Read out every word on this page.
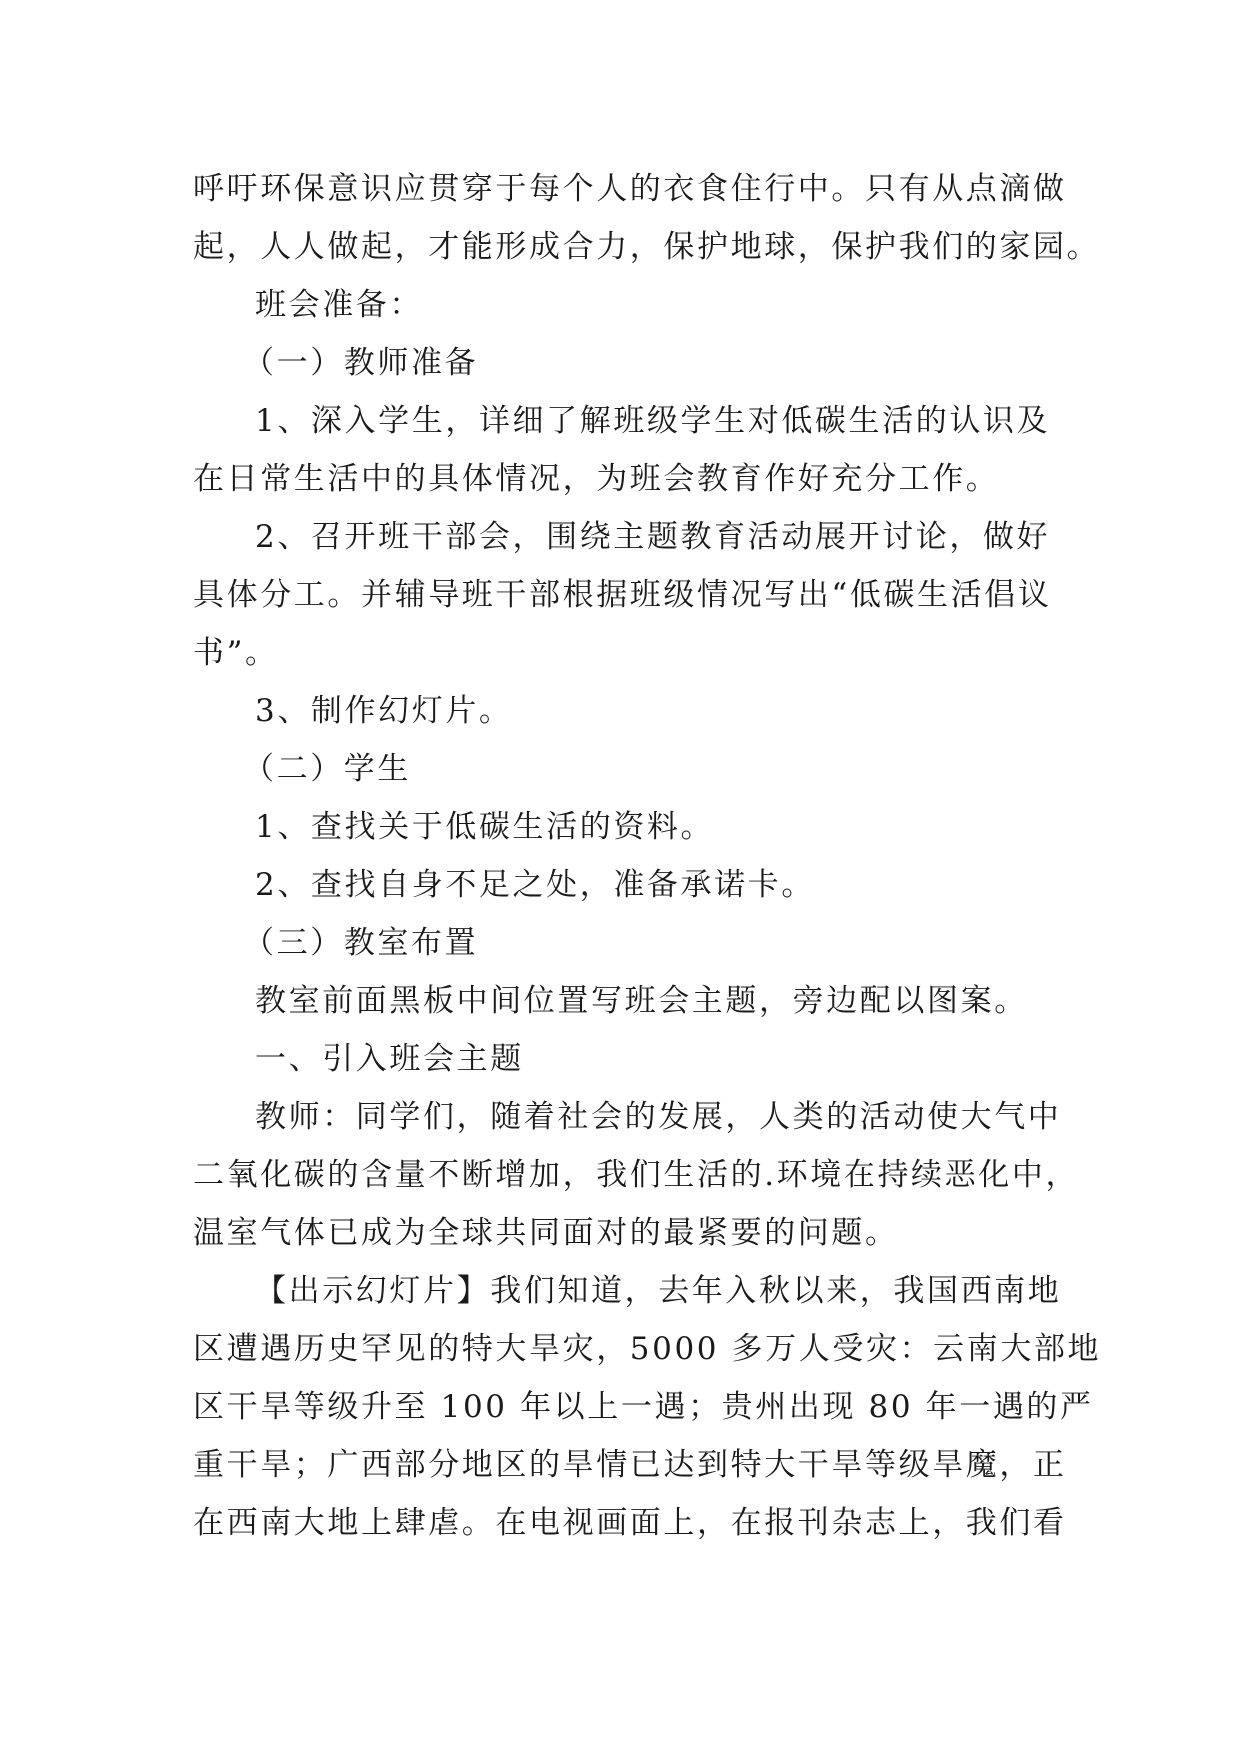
呼吁环保意识应贯穿于每个人的衣食住行中。只有从点滴做
起，人人做起，才能形成合力，保护地球，保护我们的家园。
班会准备：
（一）教师准备
1、深入学生，详细了解班级学生对低碳生活的认识及
在日常生活中的具体情况，为班会教育作好充分工作。
2、召开班干部会，围绕主题教育活动展开讨论，做好
具体分工。并辅导班干部根据班级情况写出“低碳生活倡议
书”。
3、制作幻灯片。
（二）学生
1、查找关于低碳生活的资料。
2、查找自身不足之处，准备承诺卡。
（三）教室布置
教室前面黑板中间位置写班会主题，旁边配以图案。
一、引入班会主题
教师：同学们，随着社会的发展，人类的活动使大气中
二氧化碳的含量不断增加，我们生活的.环境在持续恶化中，
温室气体已成为全球共同面对的最紧要的问题。
【出示幻灯片】我们知道，去年入秋以来，我国西南地
区遭遇历史罕见的特大旱灾，5000 多万人受灾：云南大部地
区干旱等级升至 100 年以上一遇；贵州出现 80 年一遇的严
重干旱；广西部分地区的旱情已达到特大干旱等级旱魔，正
在西南大地上肆虐。在电视画面上，在报刊杂志上，我们看
